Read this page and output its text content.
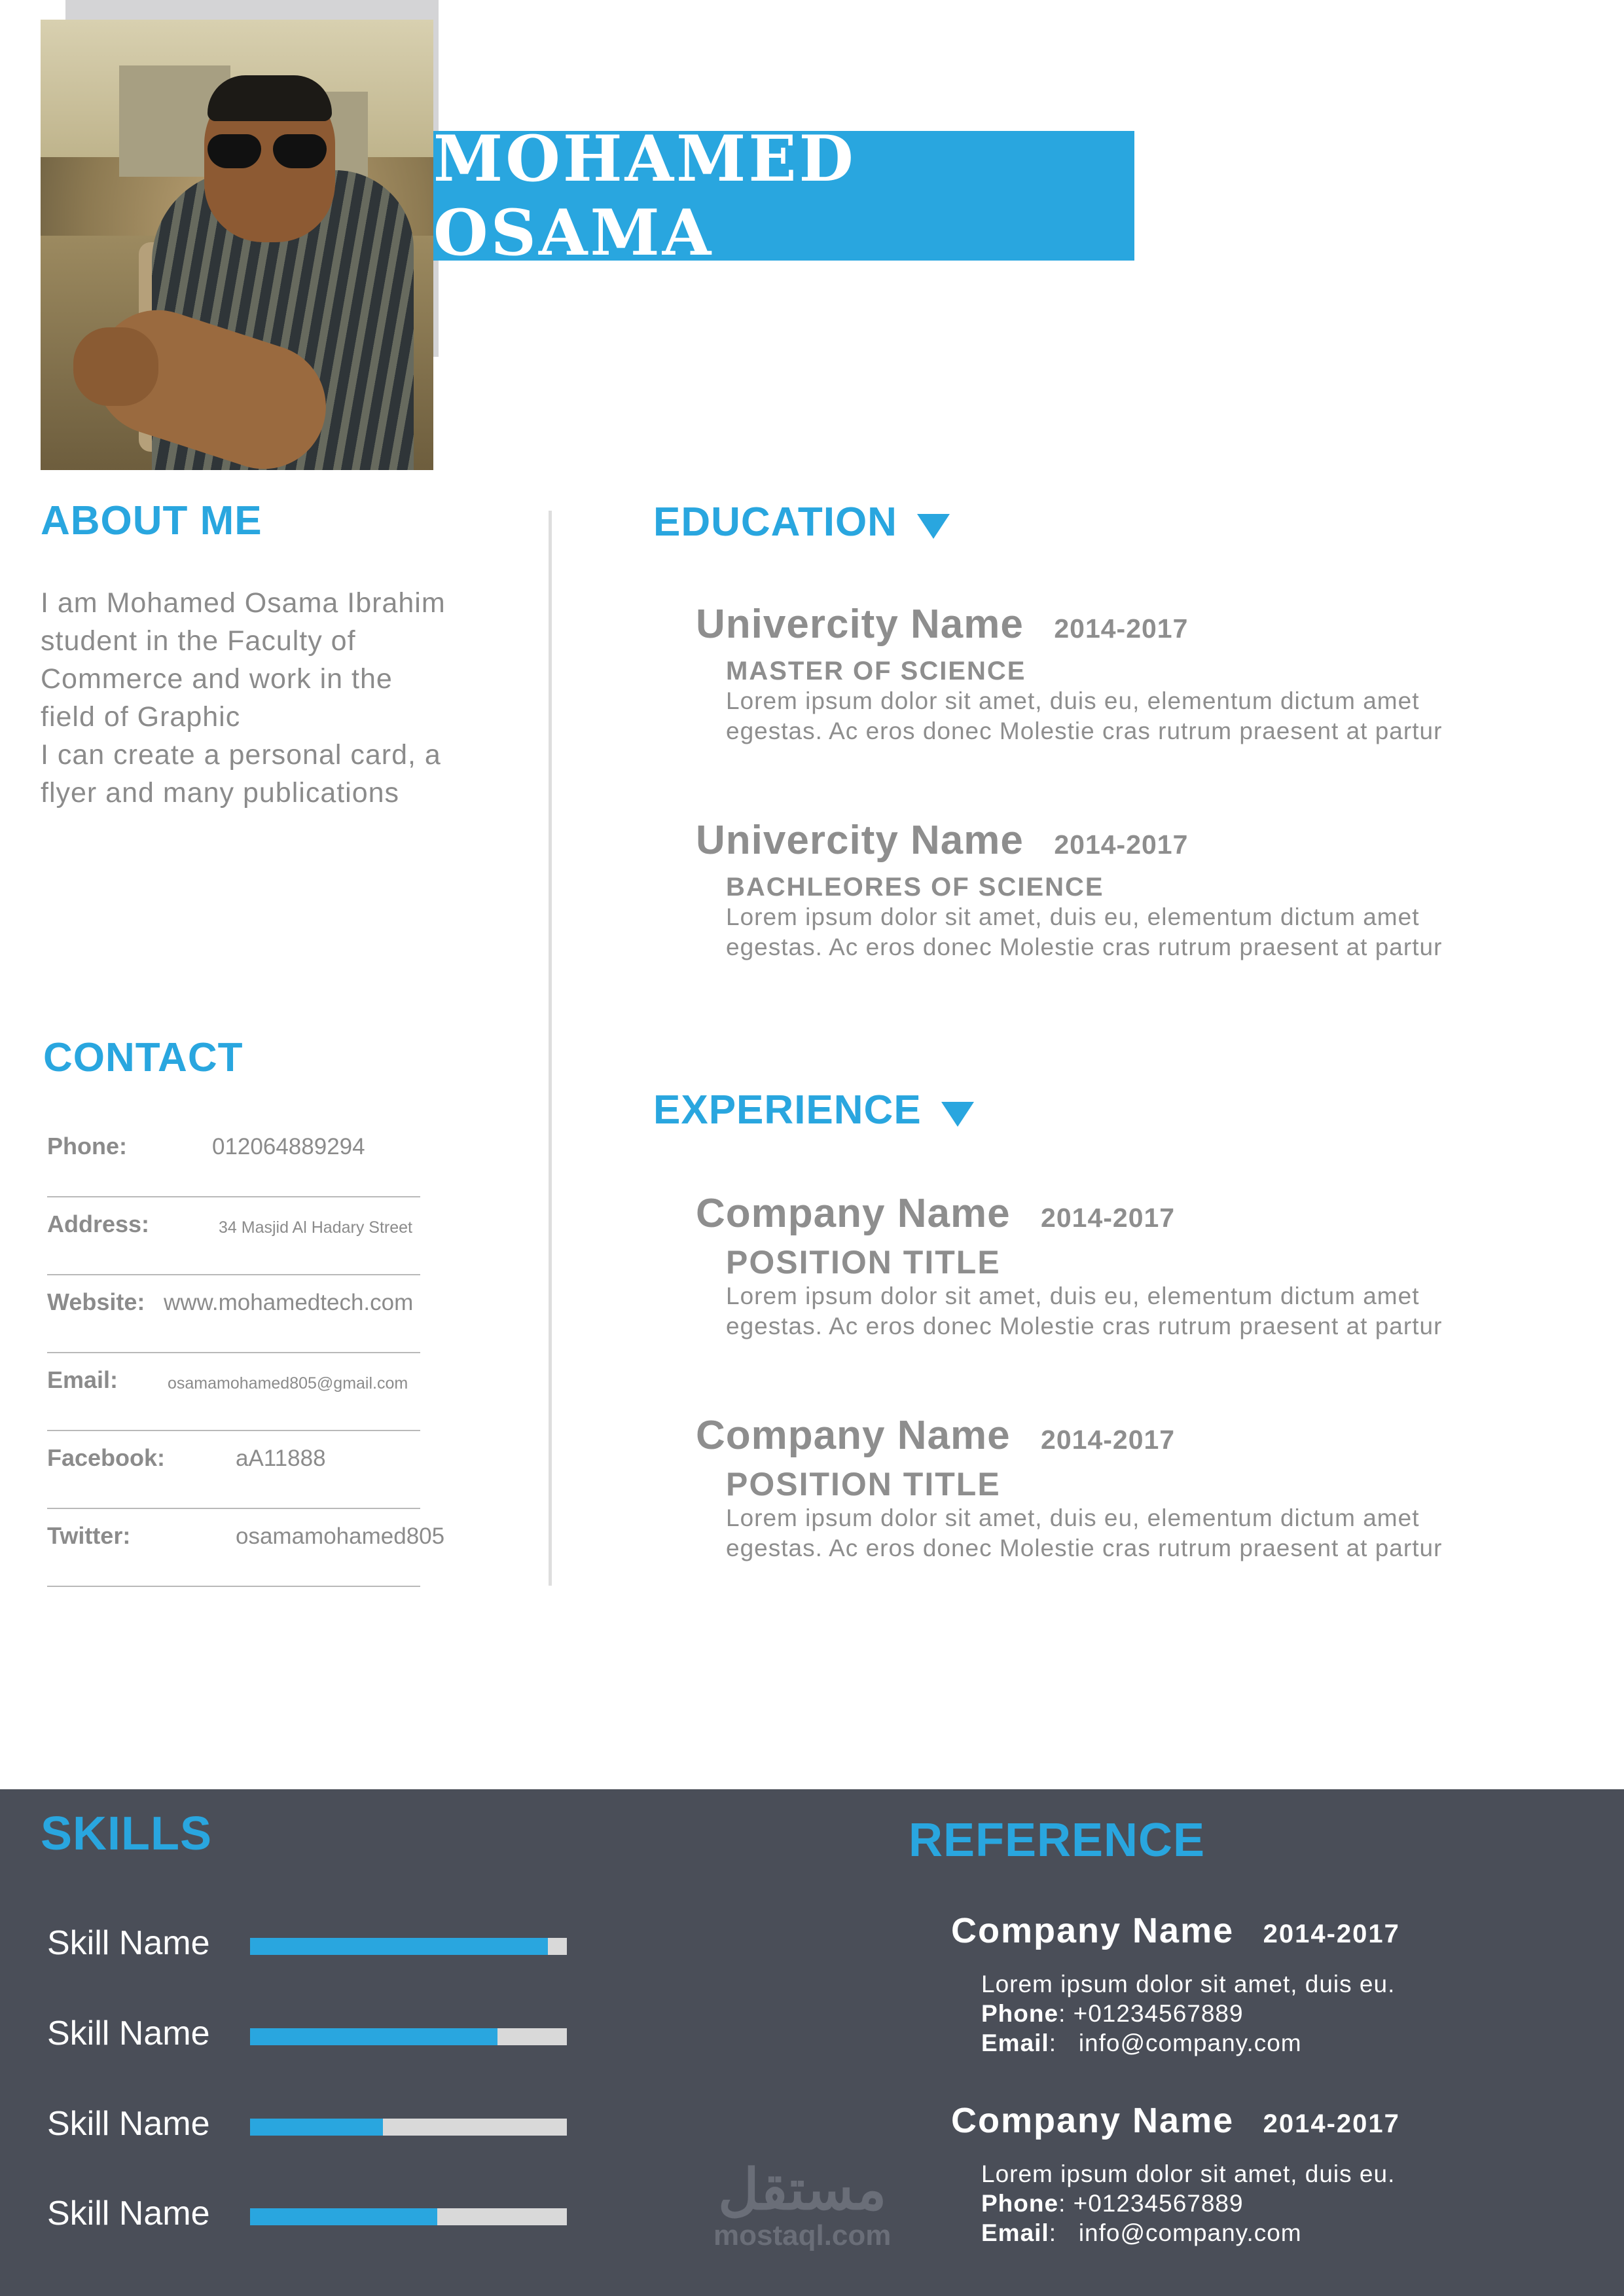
MOHAMED OSAMA
ABOUT ME
I am Mohamed Osama Ibrahim
student in the Faculty of
Commerce and work in the
field of Graphic
I can create a personal card, a
flyer and many publications
CONTACT
Phone:	012064889294
Address:	34 Masjid Al Hadary Street
Website: www.mohamedtech.com
Email:	osamamohamed805@gmail.com
Facebook:	aA11888
Twitter:	osamamohamed805
EDUCATION
Univercity Name 2014-2017
MASTER OF SCIENCE
Lorem ipsum dolor sit amet, duis eu, elementum dictum amet
egestas. Ac eros donec Molestie cras rutrum praesent at partur
Univercity Name 2014-2017
BACHLEORES OF SCIENCE
Lorem ipsum dolor sit amet, duis eu, elementum dictum amet
egestas. Ac eros donec Molestie cras rutrum praesent at partur
EXPERIENCE
Company Name 2014-2017
POSITION TITLE
Lorem ipsum dolor sit amet, duis eu, elementum dictum amet
egestas. Ac eros donec Molestie cras rutrum praesent at partur
Company Name 2014-2017
POSITION TITLE
Lorem ipsum dolor sit amet, duis eu, elementum dictum amet
egestas. Ac eros donec Molestie cras rutrum praesent at partur
SKILLS
Skill Name
Skill Name
Skill Name
Skill Name
REFERENCE
Company Name 2014-2017
Lorem ipsum dolor sit amet, duis eu.
Phone: +01234567889
Email:   info@company.com
Company Name 2014-2017
Lorem ipsum dolor sit amet, duis eu.
Phone: +01234567889
Email:   info@company.com
مستقل
mostaql.com
